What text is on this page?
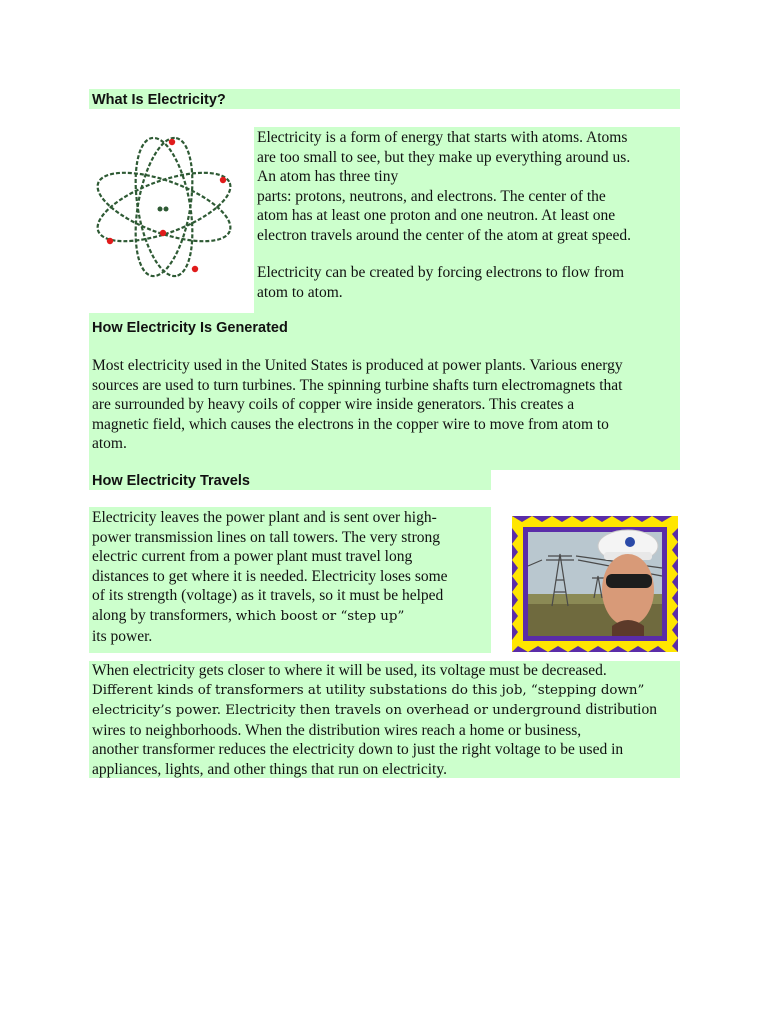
What Is Electricity?
Electricity is a form of energy that starts with atoms. Atoms
are too small to see, but they make up everything around us.
An atom has three tiny
parts: protons, neutrons, and electrons. The center of the
atom has at least one proton and one neutron. At least one
electron travels around the center of the atom at great speed.
Electricity can be created by forcing electrons to flow from
atom to atom.
How Electricity Is Generated
Most electricity used in the United States is produced at power plants. Various energy
sources are used to turn turbines. The spinning turbine shafts turn electromagnets that
are surrounded by heavy coils of copper wire inside generators. This creates a
magnetic field, which causes the electrons in the copper wire to move from atom to
atom.
How Electricity Travels
Electricity leaves the power plant and is sent over high-
power transmission lines on tall towers. The very strong
electric current from a power plant must travel long
distances to get where it is needed. Electricity loses some
of its strength (voltage) as it travels, so it must be helped
along by transformers, which boost or “step up”
its power.
When electricity gets closer to where it will be used, its voltage must be decreased.
Different kinds of transformers at utility substations do this job, “stepping down”
electricity’s power. Electricity then travels on overhead or underground distribution
wires to neighborhoods. When the distribution wires reach a home or business,
another transformer reduces the electricity down to just the right voltage to be used in
appliances, lights, and other things that run on electricity.
